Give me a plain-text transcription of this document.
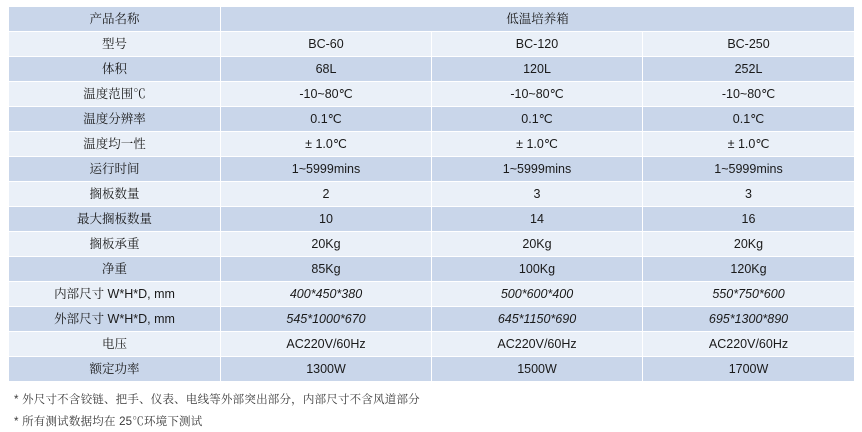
产品名称	低温培养箱		
型号	BC-60	BC-120	BC-250
体积	68L	120L	252L
温度范围℃	-10~80℃	-10~80℃	-10~80℃
温度分辨率	0.1℃	0.1℃	0.1℃
温度均一性	± 1.0℃	± 1.0℃	± 1.0℃
运行时间	1~5999mins	1~5999mins	1~5999mins
搁板数量	2	3	3
最大搁板数量	10	14	16
搁板承重	20Kg	20Kg	20Kg
净重	85Kg	100Kg	120Kg
内部尺寸 W*H*D, mm	400*450*380	500*600*400	550*750*600
外部尺寸 W*H*D, mm	545*1000*670	645*1150*690	695*1300*890
电压	AC220V/60Hz	AC220V/60Hz	AC220V/60Hz
额定功率	1300W	1500W	1700W
* 外尺寸不含铰链、把手、仪表、电线等外部突出部分，内部尺寸不含风道部分
* 所有测试数据均在 25℃环境下测试
